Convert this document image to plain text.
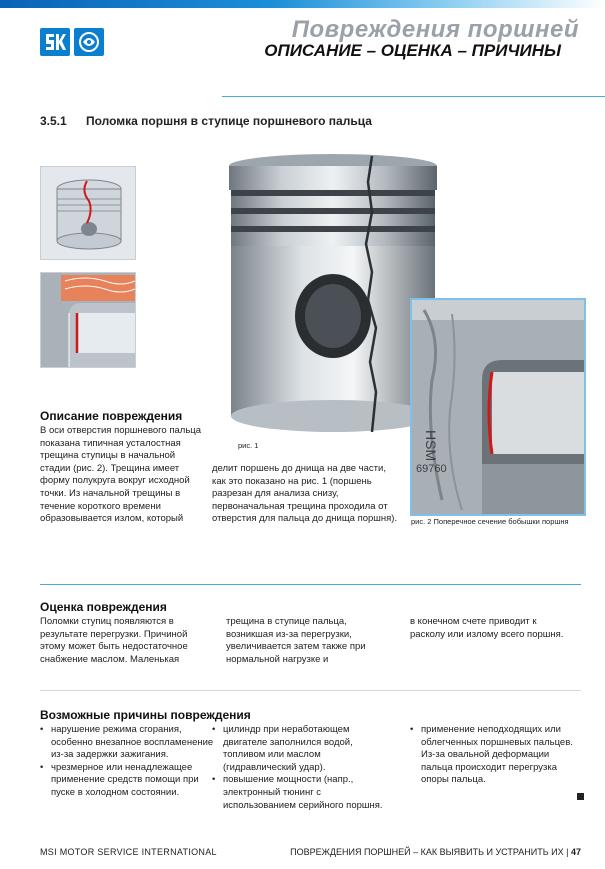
Повреждения поршней
ОПИСАНИЕ – ОЦЕНКА – ПРИЧИНЫ
3.5.1 Поломка поршня в ступице поршневого пальца
рис. 1	HSM
69760
рис. 2 Поперечное сечение бобышки поршня
Описание повреждения
В оси отверстия поршневого пальца показана типичная усталостная трещина ступицы в начальной стадии (рис. 2). Трещина имеет форму полукруга вокруг исходной точки. Из начальной трещины в течение короткого времени образовывается излом, который
делит поршень до днища на две части, как это показано на рис. 1 (поршень разрезан для анализа снизу, первоначальная трещина проходила от отверстия для пальца до днища поршня).
Оценка повреждения
Поломки ступиц появляются в результате перегрузки. Причиной этому может быть недостаточное снабжение маслом. Маленькая
трещина в ступице пальца, возникшая из-за перегрузки, увеличивается затем также при нормальной нагрузке и
в конечном счете приводит к расколу или излому всего поршня.
Возможные причины повреждения
• нарушение режима сгорания, особенно внезапное воспламенение из-за задержки зажигания.
• чрезмерное или ненадлежащее применение средств помощи при пуске в холодном состоянии.
• цилиндр при неработающем двигателе заполнился водой, топливом или маслом (гидравлический удар).
• повышение мощности (напр., электронный тюнинг с использованием серийного поршня.
• применение неподходящих или облегченных поршневых пальцев. Из-за овальной деформации пальца происходит перегрузка опоры пальца.
MSI MOTOR SERVICE INTERNATIONAL	ПОВРЕЖДЕНИЯ ПОРШНЕЙ – КАК ВЫЯВИТЬ И УСТРАНИТЬ ИХ | 47
